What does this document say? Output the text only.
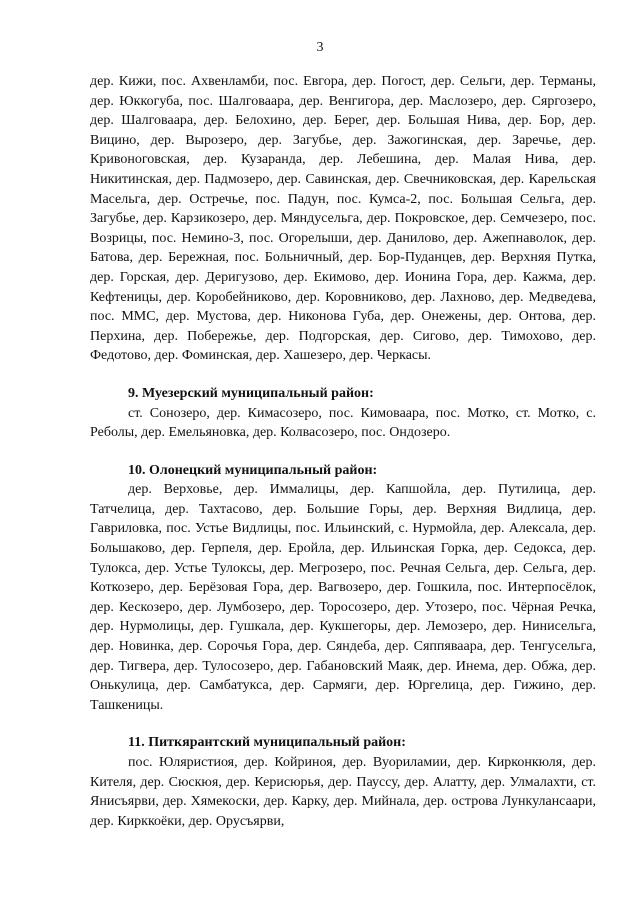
3

дер. Кижи, пос. Ахвенламби, пос. Евгора, дер. Погост, дер. Сельги, дер. Терманы, дер. Юккогуба, пос. Шалговаара, дер. Венгигора, дер. Маслозеро, дер. Сяргозеро, дер. Шалговаара, дер. Белохино, дер. Берег, дер. Большая Нива, дер. Бор, дер. Вицино, дер. Вырозеро, дер. Загубье, дер. Зажогинская, дер. Заречье, дер. Кривоноговская, дер. Кузаранда, дер. Лебешина, дер. Малая Нива, дер. Никитинская, дер. Падмозеро, дер. Савинская, дер. Свечниковская, дер. Карельская Масельга, дер. Остречье, пос. Падун, пос. Кумса-2, пос. Большая Сельга, дер. Загубье, дер. Карзикозеро, дер. Мяндусельга, дер. Покровское, дер. Семчезеро, пос. Возрицы, пос. Немино-3, пос. Огорелыши, дер. Данилово, дер. Ажепнаволок, дер. Батова, дер. Бережная, пос. Больничный, дер. Бор-Пуданцев, дер. Верхняя Путка, дер. Горская, дер. Деригузово, дер. Екимово, дер. Ионина Гора, дер. Кажма, дер. Кефтеницы, дер. Коробейниково, дер. Коровниково, дер. Лахново, дер. Медведева, пос. ММС, дер. Мустова, дер. Никонова Губа, дер. Онежены, дер. Онтова, дер. Перхина, дер. Побережье, дер. Подгорская, дер. Сигово, дер. Тимохово, дер. Федотово, дер. Фоминская, дер. Хашезеро, дер. Черкасы.

9. Муезерский муниципальный район:

ст. Сонозеро, дер. Кимасозеро, пос. Кимоваара, пос. Мотко, ст. Мотко, с. Реболы, дер. Емельяновка, дер. Колвасозеро, пос. Ондозеро.

10. Олонецкий муниципальный район:

дер. Верховье, дер. Иммалицы, дер. Капшойла, дер. Путилица, дер. Татчелица, дер. Тахтасово, дер. Большие Горы, дер. Верхняя Видлица, дер. Гавриловка, пос. Устье Видлицы, пос. Ильинский, с. Нурмойла, дер. Алексала, дер. Большаково, дер. Герпеля, дер. Еройла, дер. Ильинская Горка, дер. Седокса, дер. Тулокса, дер. Устье Тулоксы, дер. Мегрозеро, пос. Речная Сельга, дер. Сельга, дер. Коткозеро, дер. Берёзовая Гора, дер. Вагвозеро, дер. Гошкила, пос. Интерпосёлок, дер. Кескозеро, дер. Лумбозеро, дер. Торосозеро, дер. Утозеро, пос. Чёрная Речка, дер. Нурмолицы, дер. Гушкала, дер. Кукшегоры, дер. Лемозеро, дер. Нинисельга, дер. Новинка, дер. Сорочья Гора, дер. Сяндеба, дер. Сяппяваара, дер. Тенгусельга, дер. Тигвера, дер. Тулосозеро, дер. Габановский Маяк, дер. Инема, дер. Обжа, дер. Онькулица, дер. Самбатукса, дер. Сармяги, дер. Юргелица, дер. Гижино, дер. Ташкеницы.

11. Питкярантский муниципальный район:

пос. Юляристиоя, дер. Койриноя, дер. Вуориламии, дер. Кирконкюля, дер. Кителя, дер. Сюскюя, дер. Керисюрья, дер. Пауссу, дер. Алатту, дер. Улмалахти, ст. Янисъярви, дер. Хямекоски, дер. Карку, дер. Мийнала, дер. острова Лункулансаари, дер. Кирккоёки, дер. Орусъярви,
